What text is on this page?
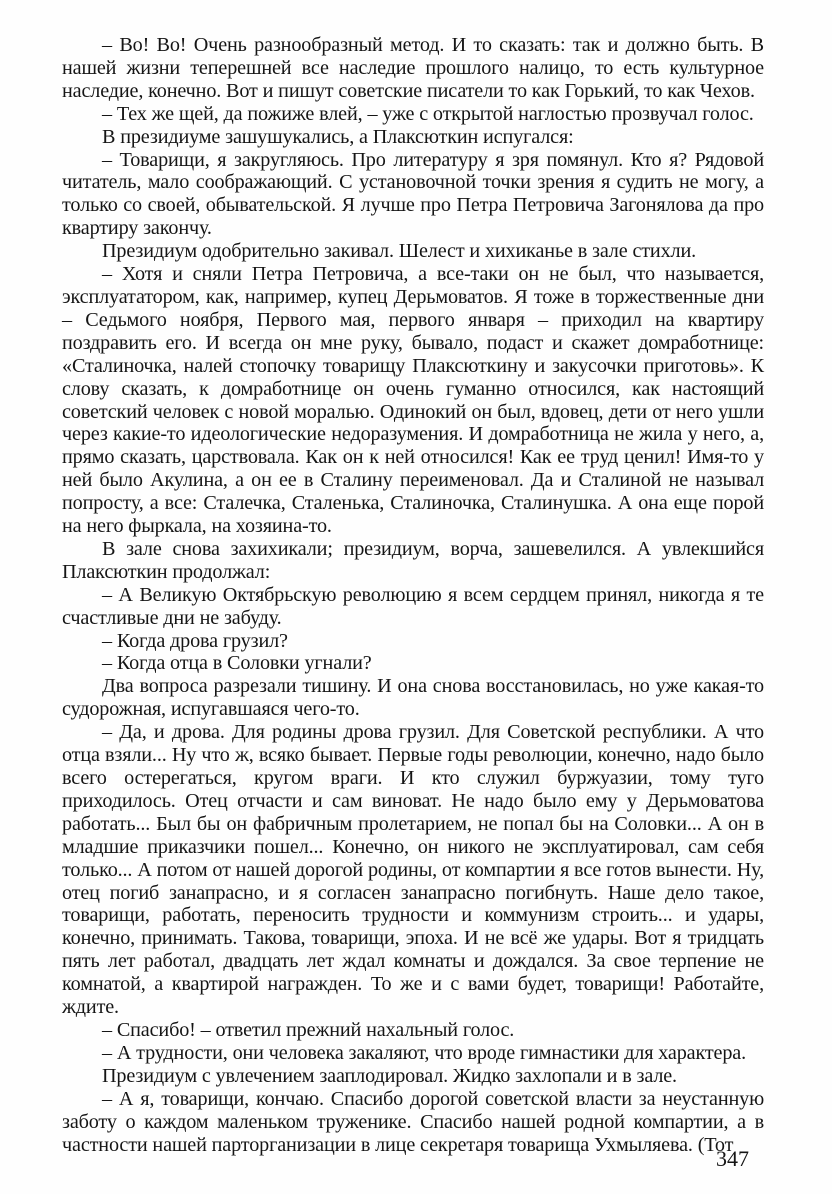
– Во! Во! Очень разнообразный метод. И то сказать: так и должно быть. В нашей жизни теперешней все наследие прошлого налицо, то есть культурное наследие, конечно. Вот и пишут советские писатели то как Горький, то как Чехов.

– Тех же щей, да пожиже влей, – уже с открытой наглостью прозвучал голос.

В президиуме зашушукались, а Плаксюткин испугался:

– Товарищи, я закругляюсь. Про литературу я зря помянул. Кто я? Рядовой читатель, мало соображающий. С установочной точки зрения я судить не могу, а только со своей, обывательской. Я лучше про Петра Петровича Загонялова да про квартиру закончу.

Президиум одобрительно закивал. Шелест и хихиканье в зале стихли.

– Хотя и сняли Петра Петровича, а все-таки он не был, что называется, эксплуататором, как, например, купец Дерьмоватов. Я тоже в торжественные дни – Седьмого ноября, Первого мая, первого января – приходил на квартиру поздравить его. И всегда он мне руку, бывало, подаст и скажет домработнице: «Сталиночка, налей стопочку товарищу Плаксюткину и закусочки приготовь». К слову сказать, к домработнице он очень гуманно относился, как настоящий советский человек с новой моралью. Одинокий он был, вдовец, дети от него ушли через какие-то идеологические недоразумения. И домработница не жила у него, а, прямо сказать, царствовала. Как он к ней относился! Как ее труд ценил! Имя-то у ней было Акулина, а он ее в Сталину переименовал. Да и Сталиной не называл попросту, а все: Сталечка, Сталенька, Сталиночка, Сталинушка. А она еще порой на него фыркала, на хозяина-то.

В зале снова захихикали; президиум, ворча, зашевелился. А увлекшийся Плаксюткин продолжал:

– А Великую Октябрьскую революцию я всем сердцем принял, никогда я те счастливые дни не забуду.

– Когда дрова грузил?

– Когда отца в Соловки угнали?

Два вопроса разрезали тишину. И она снова восстановилась, но уже какая-то судорожная, испугавшаяся чего-то.

– Да, и дрова. Для родины дрова грузил. Для Советской республики. А что отца взяли... Ну что ж, всяко бывает. Первые годы революции, конечно, надо было всего остерегаться, кругом враги. И кто служил буржуазии, тому туго приходилось. Отец отчасти и сам виноват. Не надо было ему у Дерьмоватова работать... Был бы он фабричным пролетарием, не попал бы на Соловки... А он в младшие приказчики пошел... Конечно, он никого не эксплуатировал, сам себя только... А потом от нашей дорогой родины, от компартии я все готов вынести. Ну, отец погиб занапрасно, и я согласен занапрасно погибнуть. Наше дело такое, товарищи, работать, переносить трудности и коммунизм строить... и удары, конечно, принимать. Такова, товарищи, эпоха. И не всё же удары. Вот я тридцать пять лет работал, двадцать лет ждал комнаты и дождался. За свое терпение не комнатой, а квартирой награжден. То же и с вами будет, товарищи! Работайте, ждите.

– Спасибо! – ответил прежний нахальный голос.

– А трудности, они человека закаляют, что вроде гимнастики для характера.

Президиум с увлечением зааплодировал. Жидко захлопали и в зале.

– А я, товарищи, кончаю. Спасибо дорогой советской власти за неустанную заботу о каждом маленьком труженике. Спасибо нашей родной компартии, а в частности нашей парторганизации в лице секретаря товарища Ухмыляева. (Тот

347
